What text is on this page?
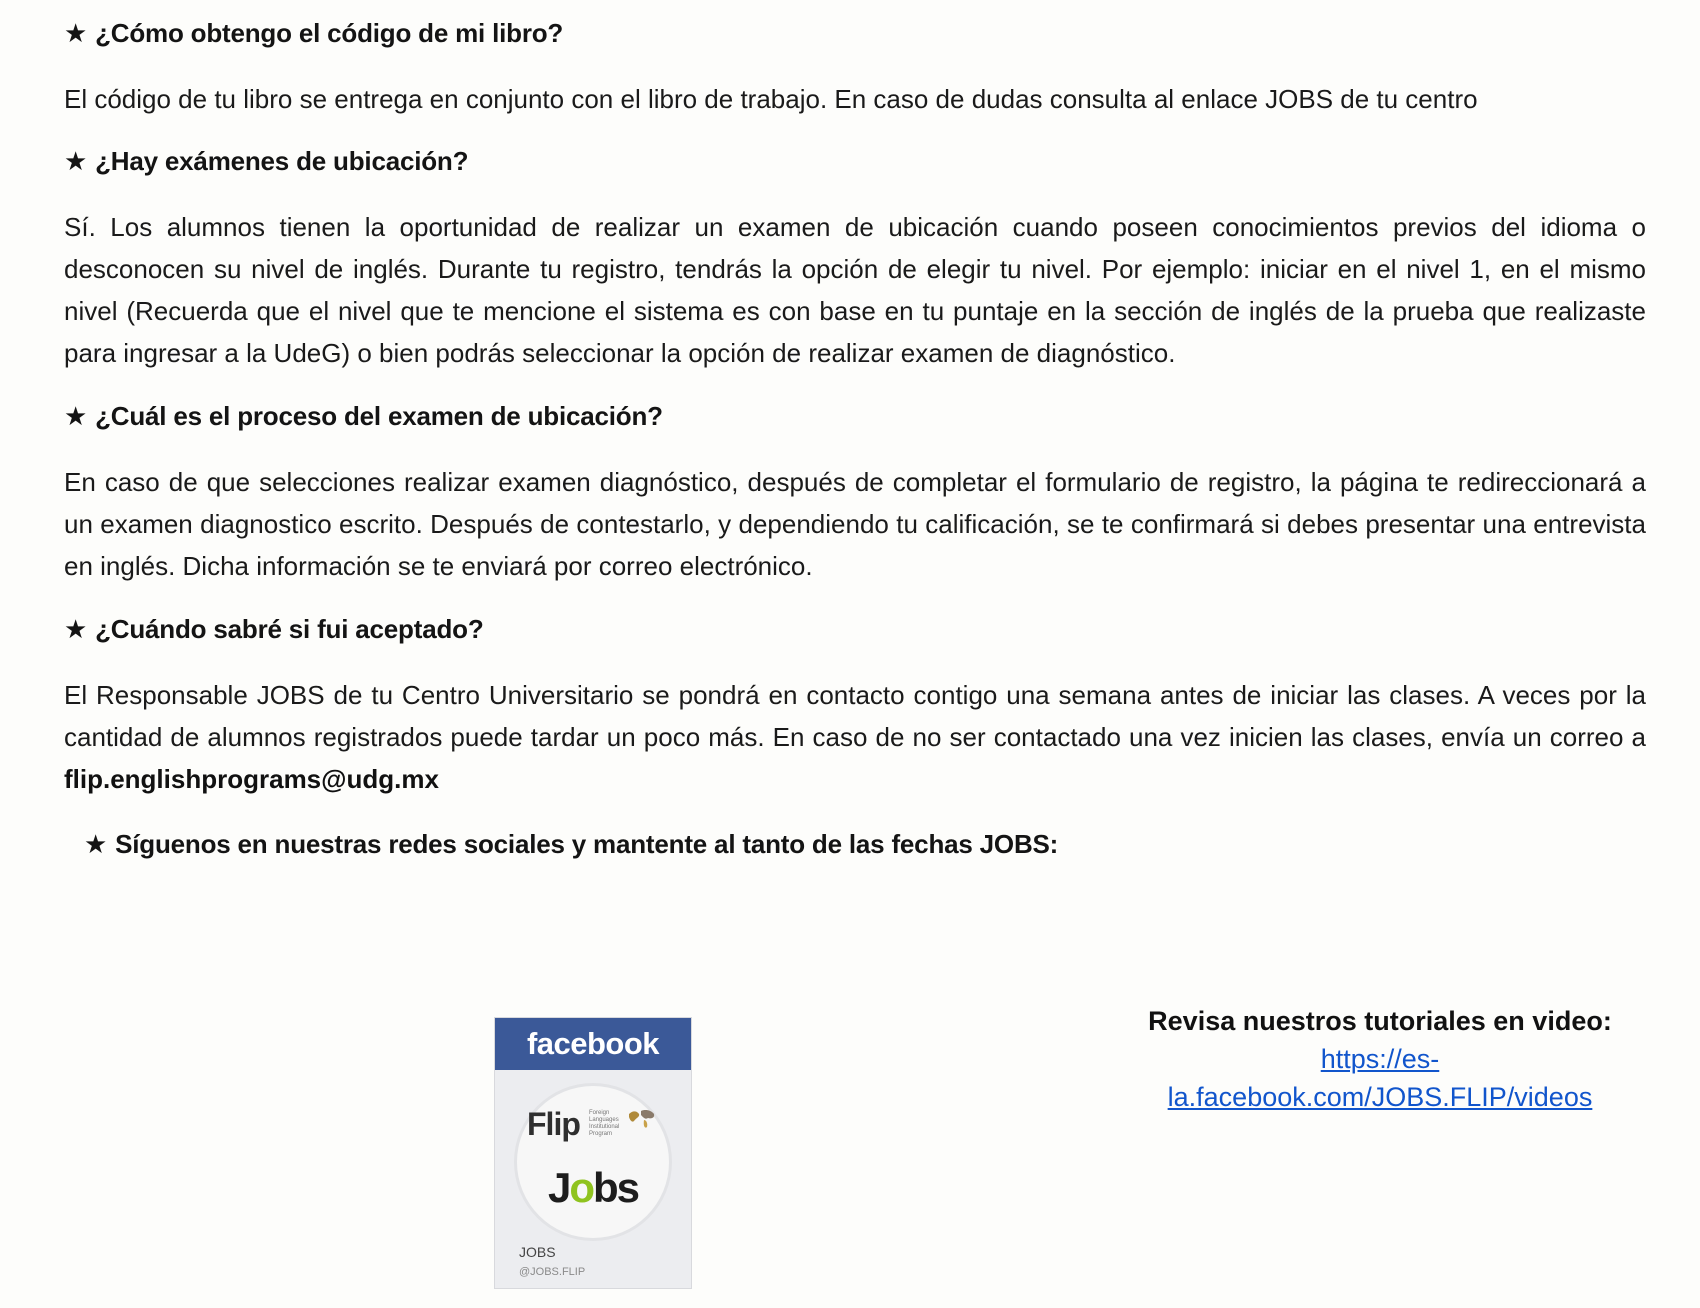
★ ¿Cómo obtengo el código de mi libro?
El código de tu libro se entrega en conjunto con el libro de trabajo. En caso de dudas consulta al enlace JOBS de tu centro
★ ¿Hay exámenes de ubicación?
Sí. Los alumnos tienen la oportunidad de realizar un examen de ubicación cuando poseen conocimientos previos del idioma o desconocen su nivel de inglés. Durante tu registro, tendrás la opción de elegir tu nivel. Por ejemplo: iniciar en el nivel 1, en el mismo nivel (Recuerda que el nivel que te mencione el sistema es con base en tu puntaje en la sección de inglés de la prueba que realizaste para ingresar a la UdeG) o bien podrás seleccionar la opción de realizar examen de diagnóstico.
★ ¿Cuál es el proceso del examen de ubicación?
En caso de que selecciones realizar examen diagnóstico, después de completar el formulario de registro, la página te redireccionará a un examen diagnostico escrito. Después de contestarlo, y dependiendo tu calificación, se te confirmará si debes presentar una entrevista en inglés. Dicha información se te enviará por correo electrónico.
★ ¿Cuándo sabré si fui aceptado?
El Responsable JOBS de tu Centro Universitario se pondrá en contacto contigo una semana antes de iniciar las clases. A veces por la cantidad de alumnos registrados puede tardar un poco más. En caso de no ser contactado una vez inicien las clases, envía un correo a flip.englishprograms@udg.mx
★ Síguenos en nuestras redes sociales y mantente al tanto de las fechas JOBS:
facebook
Flip Foreign Languages Institutional Program
Jobs
JOBS
@JOBS.FLIP
Revisa nuestros tutoriales en video:
https://es-
la.facebook.com/JOBS.FLIP/videos
